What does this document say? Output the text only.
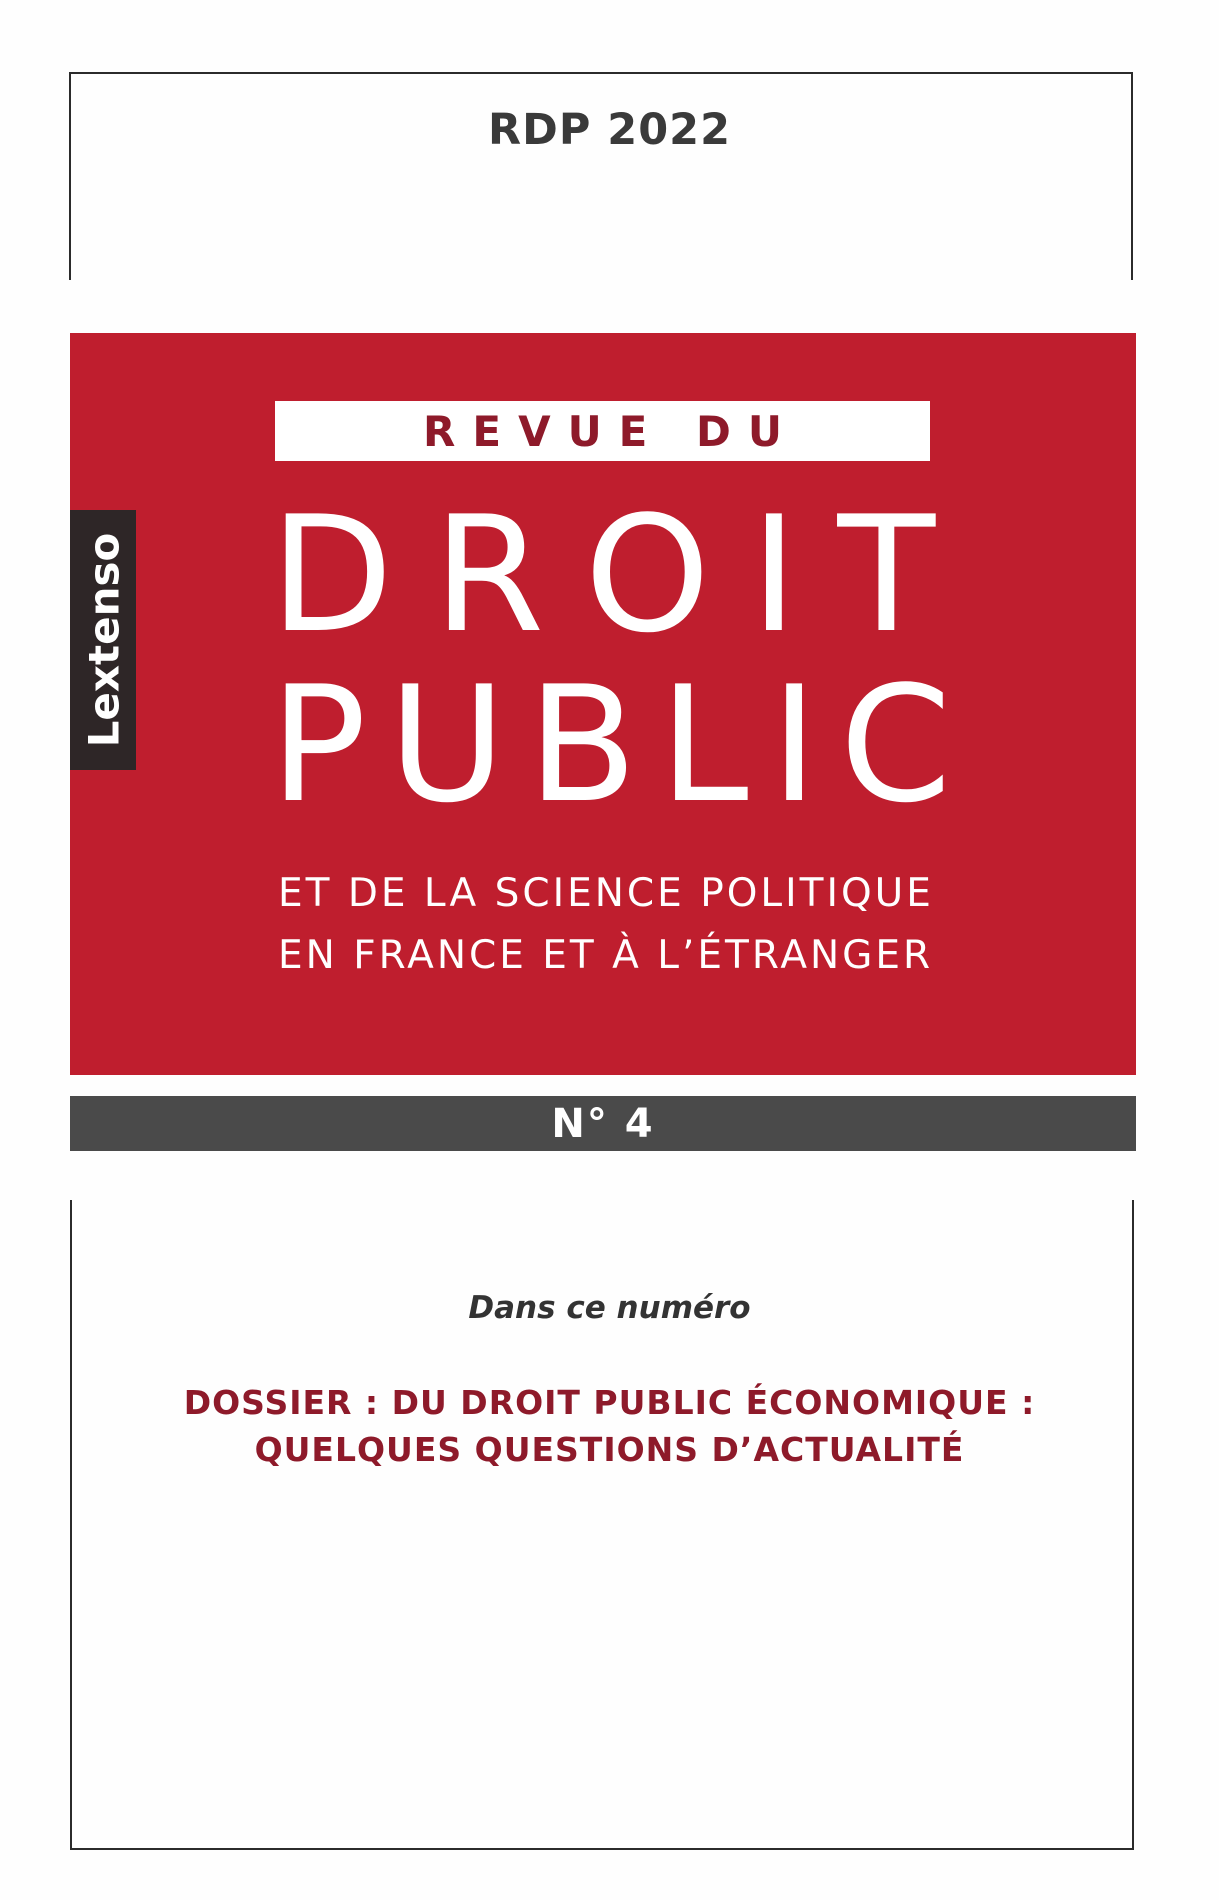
RDP 2022
REVUE DU
DROIT
PUBLIC
ET DE LA SCIENCE POLITIQUE
EN FRANCE ET À L’ÉTRANGER
Lextenso
N° 4
Dans ce numéro
DOSSIER : DU DROIT PUBLIC ÉCONOMIQUE :
QUELQUES QUESTIONS D’ACTUALITÉ
